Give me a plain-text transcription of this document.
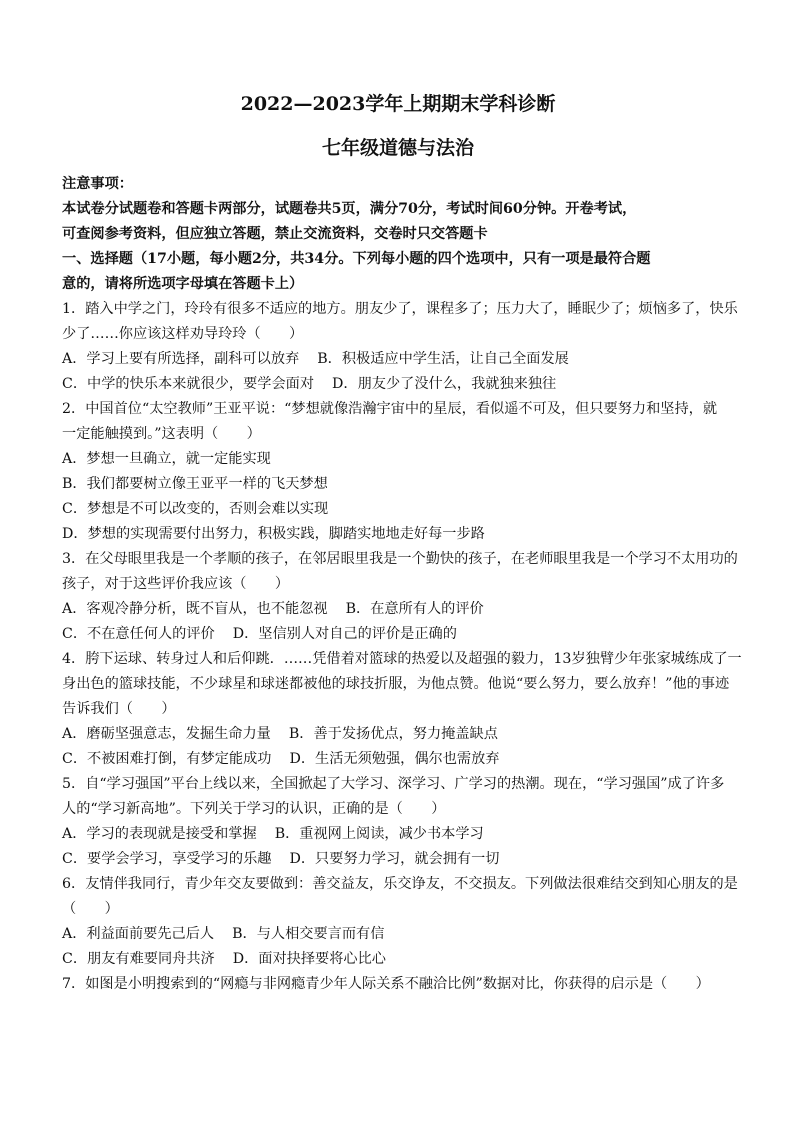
2022—2023学年上期期末学科诊断

七年级道德与法治

注意事项：

本试卷分试题卷和答题卡两部分，试题卷共5页，满分70分，考试时间60分钟。开卷考试，

可查阅参考资料，但应独立答题，禁止交流资料，交卷时只交答题卡

一、选择题（17小题，每小题2分，共34分。下列每小题的四个选项中，只有一项是最符合题

意的，请将所选项字母填在答题卡上）

1．踏入中学之门，玲玲有很多不适应的地方。朋友少了，课程多了；压力大了，睡眠少了；烦恼多了，快乐

少了……你应该这样劝导玲玲（　　）

A．学习上要有所选择，副科可以放弃 B．积极适应中学生活，让自己全面发展

C．中学的快乐本来就很少，要学会面对 D．朋友少了没什么，我就独来独往

2．中国首位“太空教师”王亚平说：“梦想就像浩瀚宇宙中的星辰，看似遥不可及，但只要努力和坚持，就

一定能触摸到。”这表明（　　）

A．梦想一旦确立，就一定能实现

B．我们都要树立像王亚平一样的飞天梦想

C．梦想是不可以改变的，否则会难以实现

D．梦想的实现需要付出努力，积极实践，脚踏实地地走好每一步路

3．在父母眼里我是一个孝顺的孩子，在邻居眼里我是一个勤快的孩子，在老师眼里我是一个学习不太用功的

孩子，对于这些评价我应该（　　）

A．客观冷静分析，既不盲从，也不能忽视 B．在意所有人的评价

C．不在意任何人的评价 D．坚信别人对自己的评价是正确的

4．胯下运球、转身过人和后仰跳．……凭借着对篮球的热爱以及超强的毅力，13岁独臂少年张家城练成了一

身出色的篮球技能，不少球星和球迷都被他的球技折服，为他点赞。他说“要么努力，要么放弃！”他的事迹

告诉我们（　　）

A．磨砺坚强意志，发掘生命力量 B．善于发扬优点，努力掩盖缺点

C．不被困难打倒，有梦定能成功 D．生活无须勉强，偶尔也需放弃

5．自“学习强国”平台上线以来，全国掀起了大学习、深学习、广学习的热潮。现在，“学习强国”成了许多

人的“学习新高地”。下列关于学习的认识，正确的是（　　）

A．学习的表现就是接受和掌握 B．重视网上阅读，减少书本学习

C．要学会学习，享受学习的乐趣 D．只要努力学习，就会拥有一切

6．友情伴我同行，青少年交友要做到：善交益友，乐交诤友，不交损友。下列做法很难结交到知心朋友的是

（　　）

A．利益面前要先己后人 B．与人相交要言而有信

C．朋友有难要同舟共济 D．面对抉择要将心比心

7．如图是小明搜索到的“网瘾与非网瘾青少年人际关系不融洽比例”数据对比，你获得的启示是（　　）
